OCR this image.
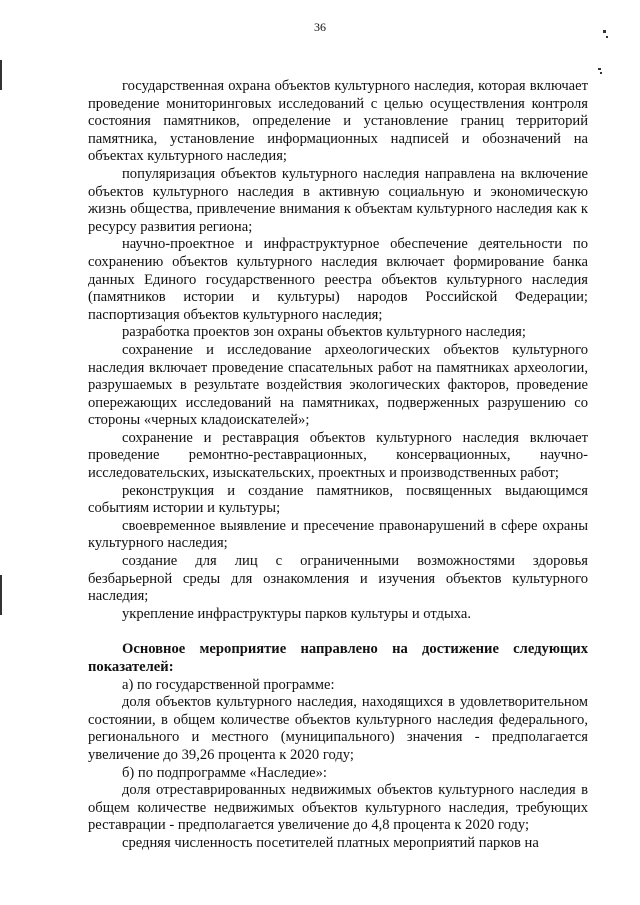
36

государственная охрана объектов культурного наследия, которая включает проведение мониторинговых исследований с целью осуществления контроля состояния памятников, определение и установление границ территорий памятника, установление информационных надписей и обозначений на объектах культурного наследия;

популяризация объектов культурного наследия направлена на включение объектов культурного наследия в активную социальную и экономическую жизнь общества, привлечение внимания к объектам культурного наследия как к ресурсу развития региона;

научно-проектное и инфраструктурное обеспечение деятельности по сохранению объектов культурного наследия включает формирование банка данных Единого государственного реестра объектов культурного наследия (памятников истории и культуры) народов Российской Федерации; паспортизация объектов культурного наследия;

разработка проектов зон охраны объектов культурного наследия;

сохранение и исследование археологических объектов культурного наследия включает проведение спасательных работ на памятниках археологии, разрушаемых в результате воздействия экологических факторов, проведение опережающих исследований на памятниках, подверженных разрушению со стороны «черных кладоискателей»;

сохранение и реставрация объектов культурного наследия включает проведение ремонтно-реставрационных, консервационных, научно-исследовательских, изыскательских, проектных и производственных работ;

реконструкция и создание памятников, посвященных выдающимся событиям истории и культуры;

своевременное выявление и пресечение правонарушений в сфере охраны культурного наследия;

создание для лиц с ограниченными возможностями здоровья безбарьерной среды для ознакомления и изучения объектов культурного наследия;

укрепление инфраструктуры парков культуры и отдыха.

Основное мероприятие направлено на достижение следующих показателей:

а) по государственной программе:

доля объектов культурного наследия, находящихся в удовлетворительном состоянии, в общем количестве объектов культурного наследия федерального, регионального и местного (муниципального) значения - предполагается увеличение до 39,26 процента к 2020 году;

б) по подпрограмме «Наследие»:

доля отреставрированных недвижимых объектов культурного наследия в общем количестве недвижимых объектов культурного наследия, требующих реставрации - предполагается увеличение до 4,8 процента к 2020 году;

средняя численность посетителей платных мероприятий парков на
